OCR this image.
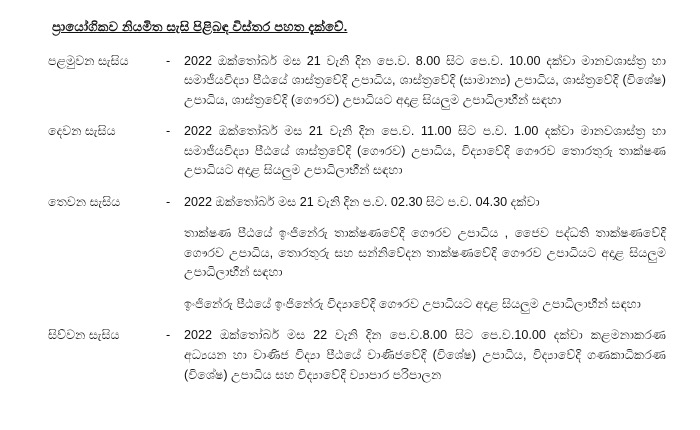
ප්‍රායෝගිකව නියමිත සැසි පිළිබඳ විස්තර පහත දැක්වේ.
පළමුවන සැසිය	-	2022 ඔක්තෝබර් මස 21 වැනි දින පෙ.ව. 8.00 සිට පෙ.ව. 10.00 දක්වා මානවශාස්ත්‍ර හා සමාජීයවිද්‍යා පීඨයේ ශාස්ත්‍රවේදි උපාධිය, ශාස්ත්‍රවේදි (සාමාන්‍ය) උපාධිය, ශාස්ත්‍රවේදි (විශේෂ) උපාධිය, ශාස්ත්‍රවේදි (ගෞරව) උපාධියට අදාළ සියලුම උපාධිලාභීන් සඳහා

දෙවන සැසිය	-	2022 ඔක්තෝබර් මස 21 වැනි දින පෙ.ව. 11.00 සිට ප.ව. 1.00 දක්වා මානවශාස්ත්‍ර හා සමාජීයවිද්‍යා පීඨයේ ශාස්ත්‍රවේදි (ගෞරව) උපාධිය, විද්‍යාවේදි ගෞරව තොරතුරු තාක්ෂණ උපාධියට අදාළ සියලුම උපාධිලාභීන් සඳහා

තෙවන සැසිය	-	2022 ඔක්තෝබර් මස 21 වැනි දින ප.ව. 02.30 සිට ප.ව. 04.30 දක්වා

තාක්ෂණ පීඨයේ ඉංජිනේරු තාක්ෂණවේදි ගෞරව උපාධිය , ජෛව පද්ධති තාක්ෂණවේදි ගෞරව උපාධිය, තොරතුරු සහ සන්නිවේදන තාක්ෂණවේදි ගෞරව උපාධියට අදාළ සියලුම උපාධිලාභීන් සඳහා

ඉංජිනේරු පීඨයේ ඉංජිනේරු විද්‍යාවේදි ගෞරව උපාධියට අදාළ සියලුම උපාධිලාභීන් සඳහා

සිව්වන සැසිය	-	2022 ඔක්තෝබර් මස 22 වැනි දින පෙ.ව.8.00 සිට පෙ.ව.10.00 දක්වා කළමනාකරණ අධ්‍යයන හා වාණිජ විද්‍යා පීඨයේ වාණිජවේදි (විශේෂ) උපාධිය, විද්‍යාවේදි ගණකාධිකරණ (විශේෂ) උපාධිය සහ විද්‍යාවේදි ව්‍යාපාර පරිපාලන
